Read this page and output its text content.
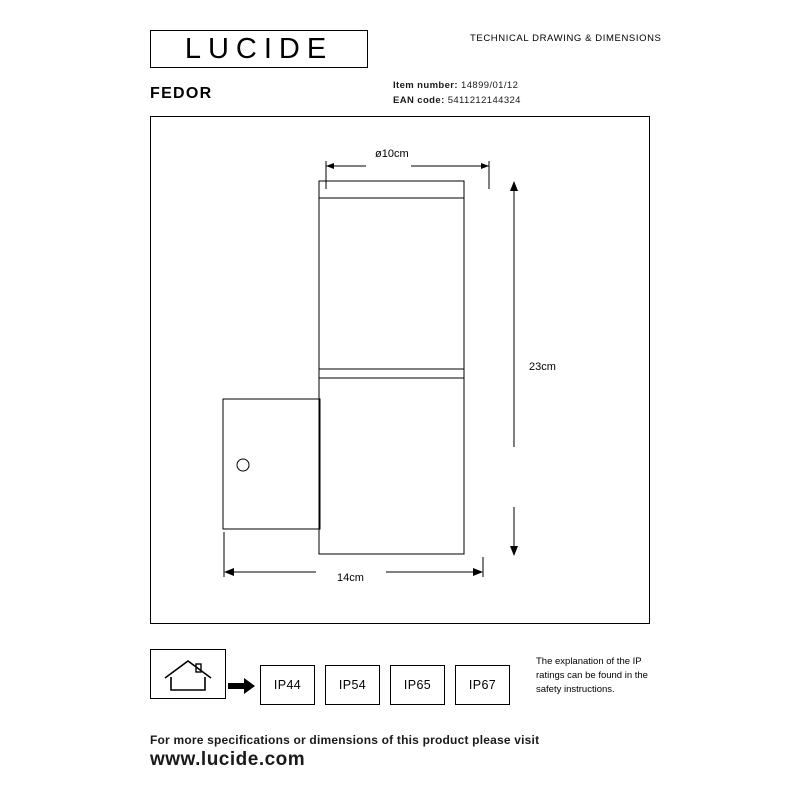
LUCIDE	TECHNICAL DRAWING & DIMENSIONS
FEDOR	Item number: 14899/01/12
EAN code: 5411212144324
ø10cm
23cm
14cm
IP44	IP54	IP65	IP67
The explanation of the IP ratings can be found in the safety instructions.
For more specifications or dimensions of this product please visit
www.lucide.com
